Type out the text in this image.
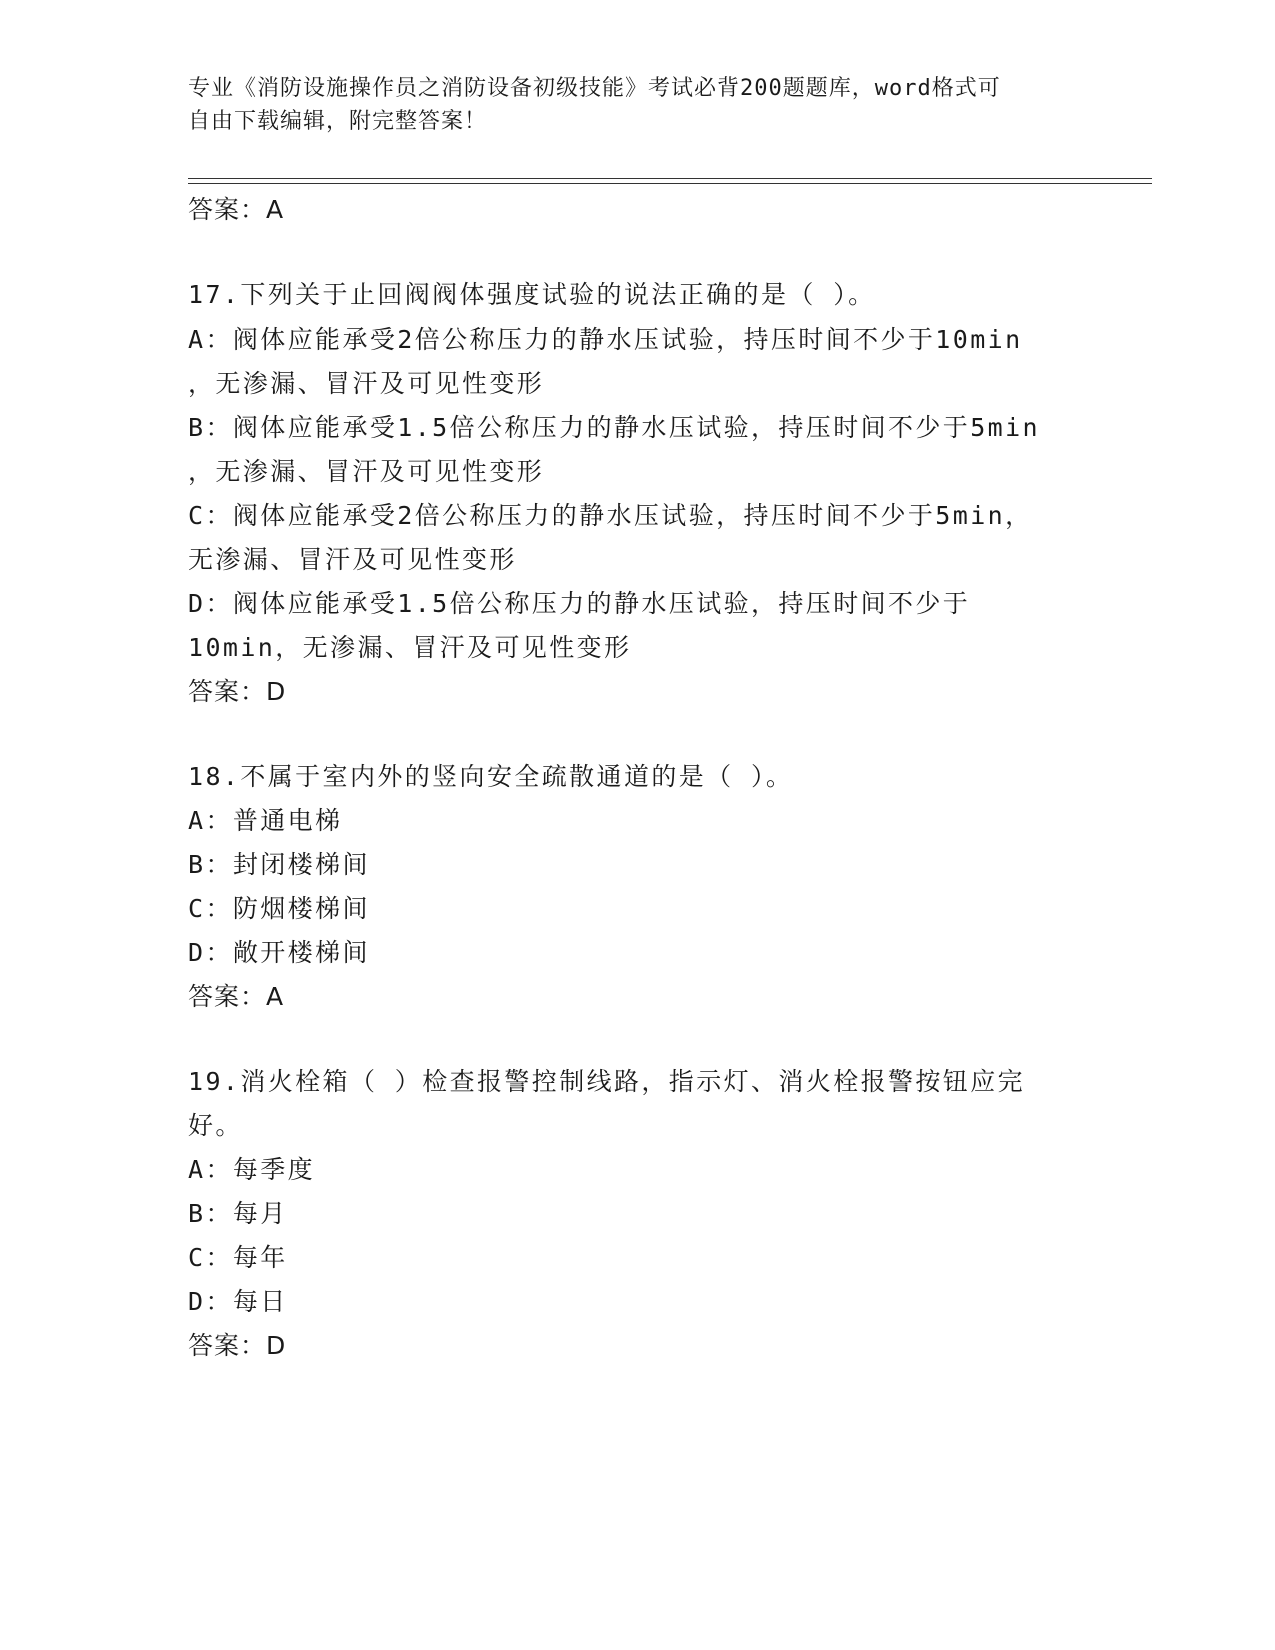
专业《消防设施操作员之消防设备初级技能》考试必背200题题库，word格式可
自由下载编辑，附完整答案！
答案：A
17.下列关于止回阀阀体强度试验的说法正确的是（ ）。
A：阀体应能承受2倍公称压力的静水压试验，持压时间不少于10min
，无渗漏、冒汗及可见性变形
B：阀体应能承受1.5倍公称压力的静水压试验，持压时间不少于5min
，无渗漏、冒汗及可见性变形
C：阀体应能承受2倍公称压力的静水压试验，持压时间不少于5min，
无渗漏、冒汗及可见性变形
D：阀体应能承受1.5倍公称压力的静水压试验，持压时间不少于
10min，无渗漏、冒汗及可见性变形
答案：D
18.不属于室内外的竖向安全疏散通道的是（ ）。
A：普通电梯
B：封闭楼梯间
C：防烟楼梯间
D：敞开楼梯间
答案：A
19.消火栓箱（ ）检查报警控制线路，指示灯、消火栓报警按钮应完
好。
A：每季度
B：每月
C：每年
D：每日
答案：D
